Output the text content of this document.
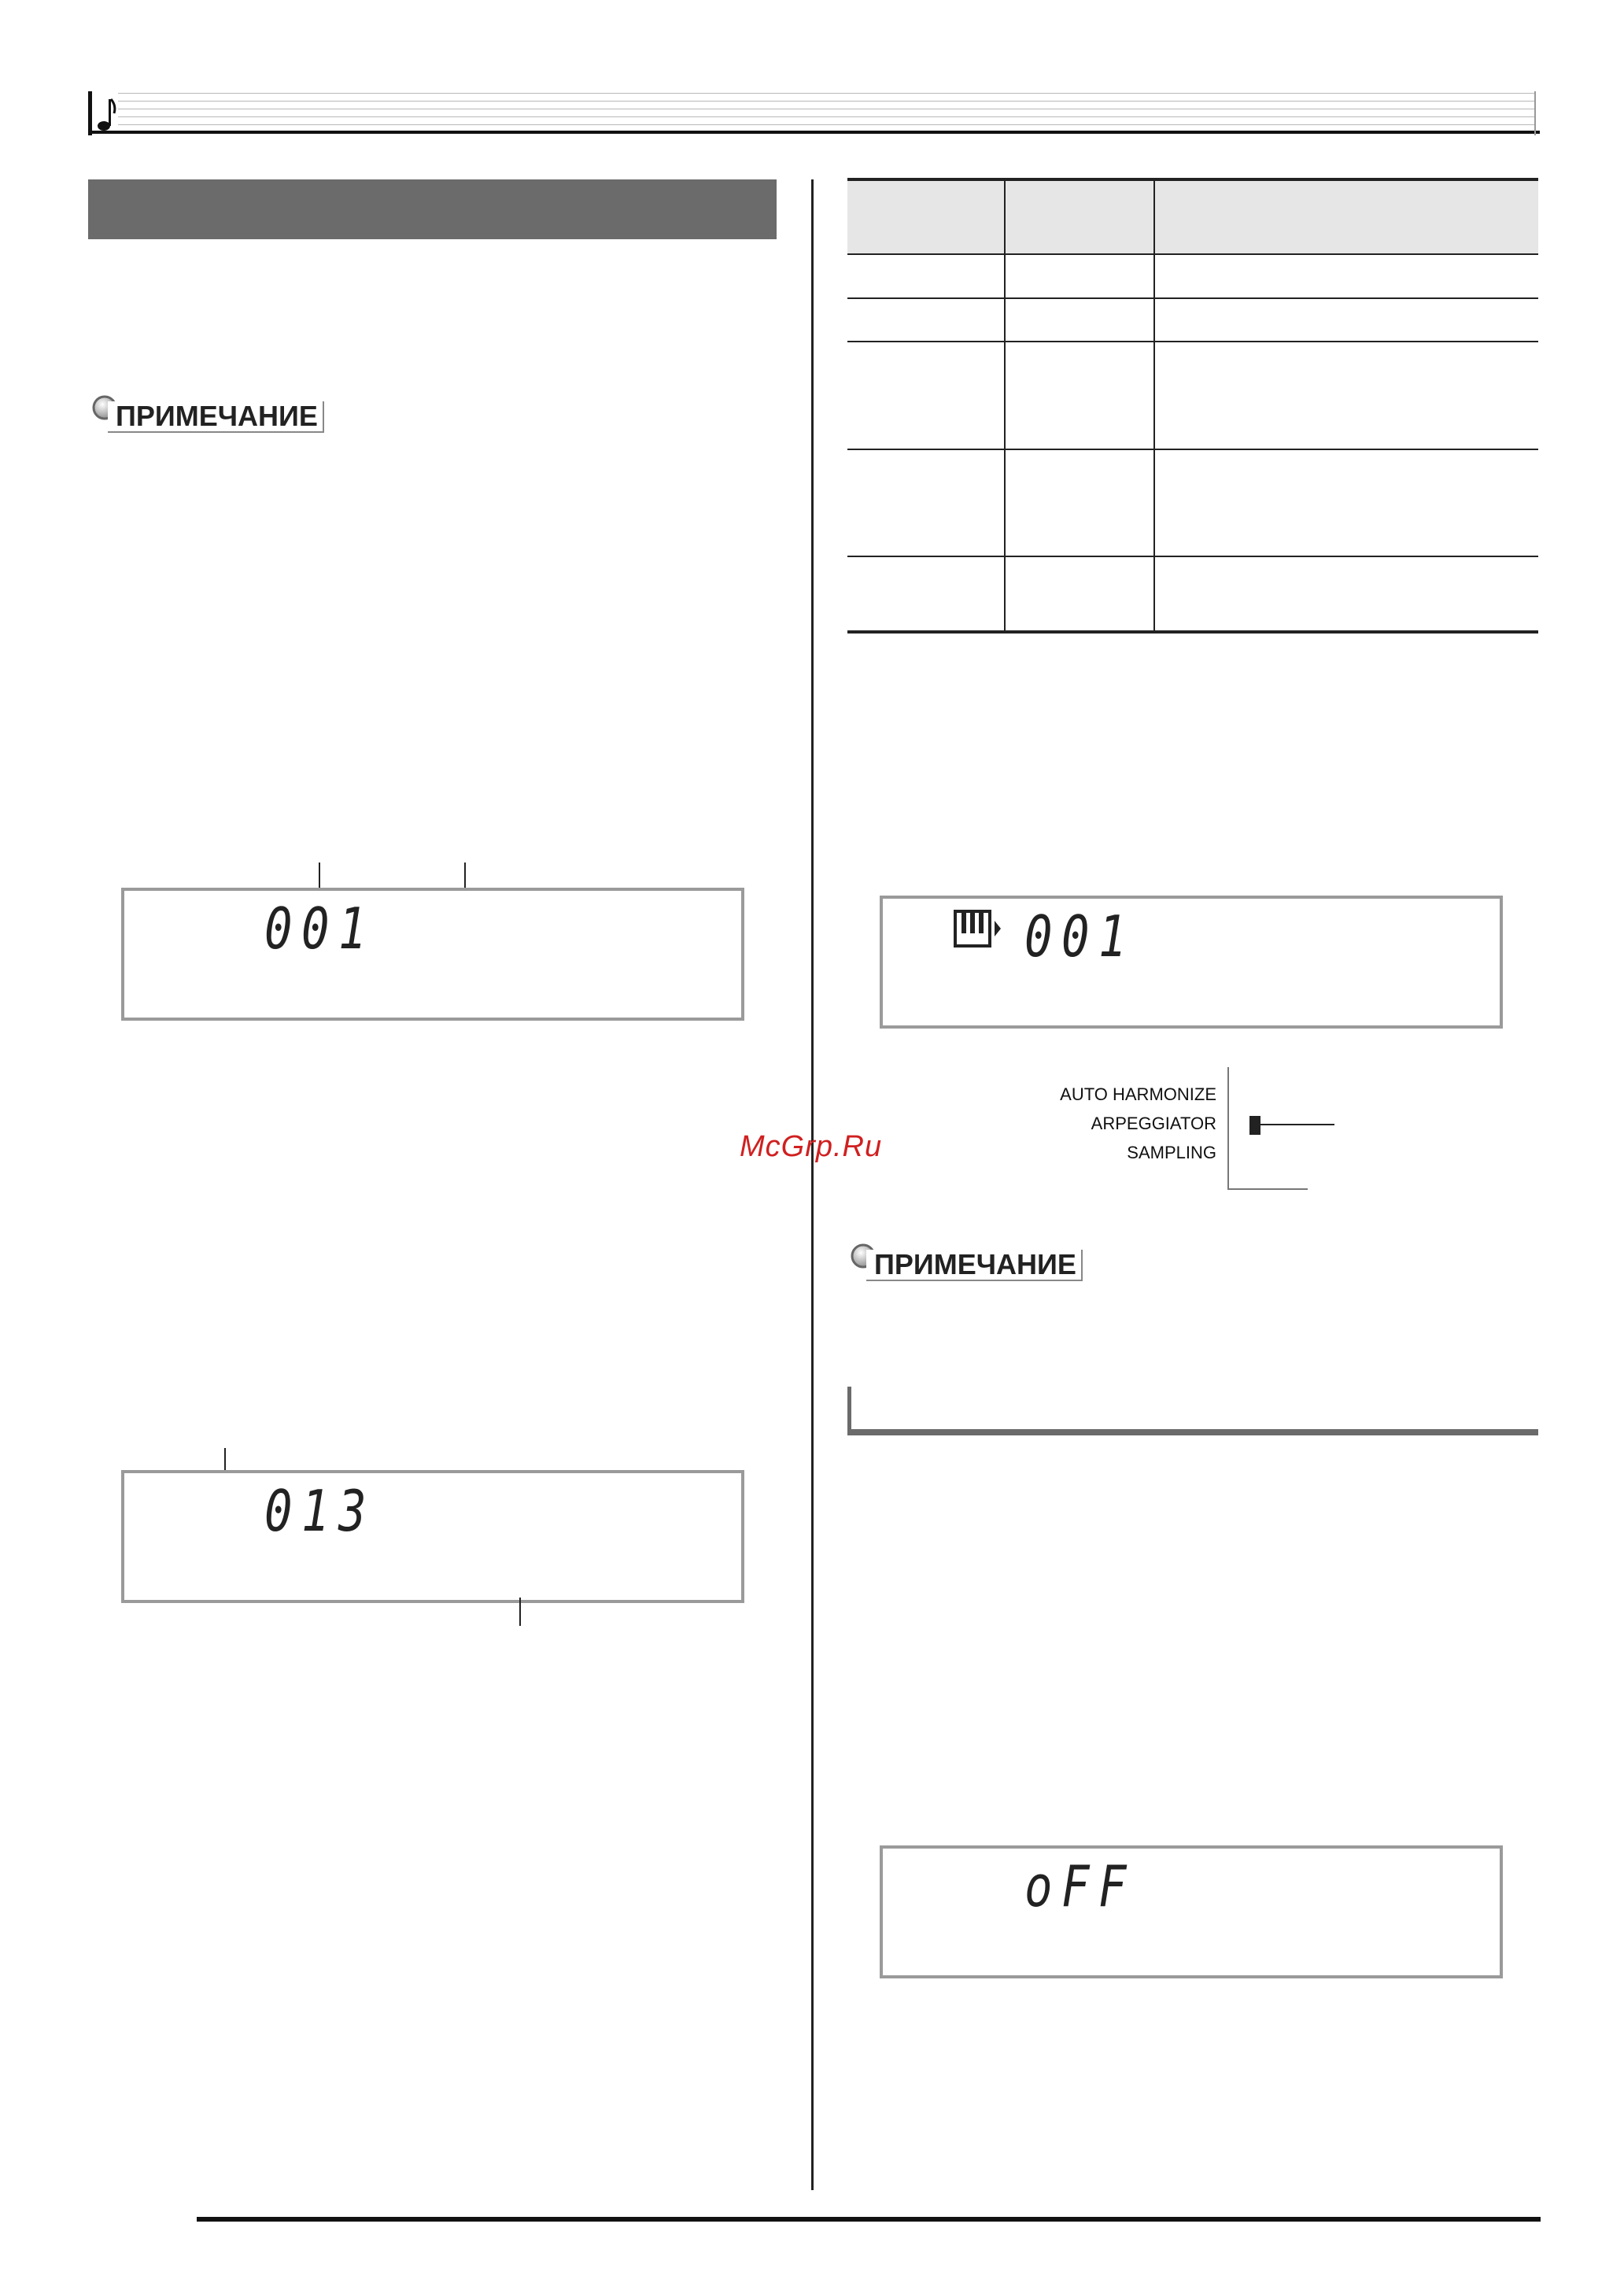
ПРИМЕЧАНИЕ
001
013
001
AUTO HARMONIZE
ARPEGGIATOR
SAMPLING
McGrp.Ru
ПРИМЕЧАНИЕ
oFF
